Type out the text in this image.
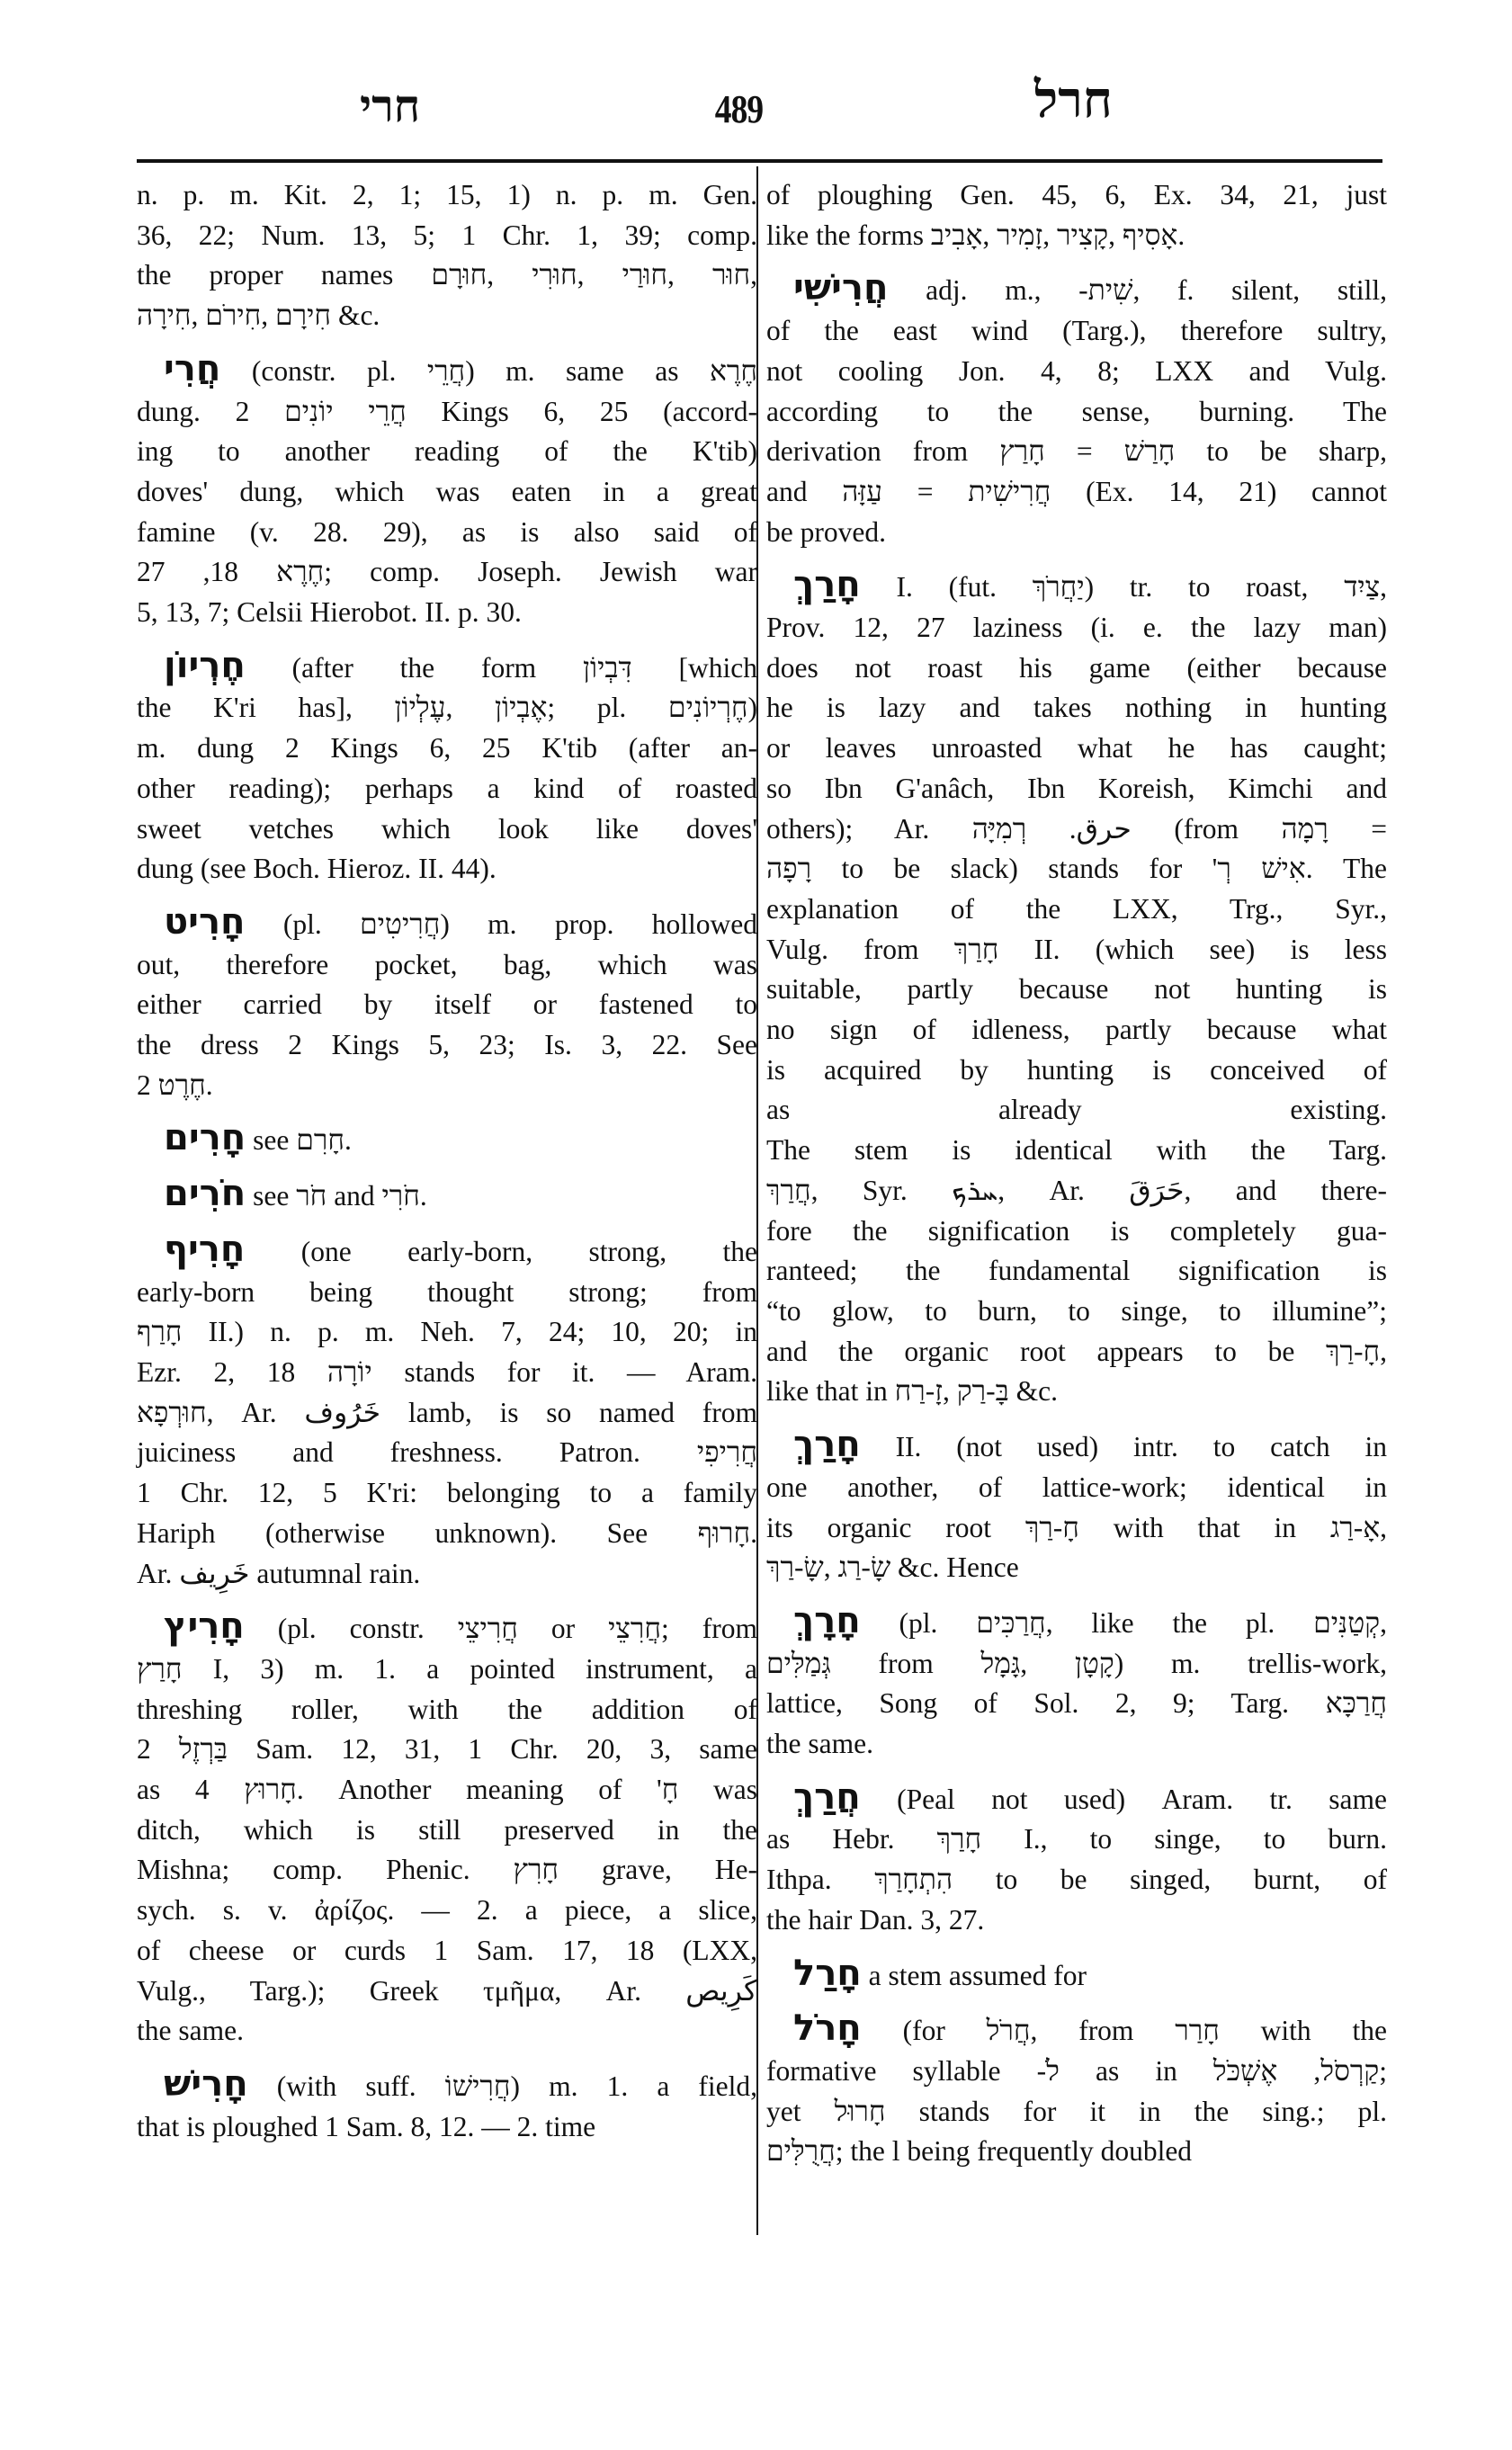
חרי	489	חרל
n. p. m. Kit. 2, 1; 15, 1) n. p. m. Gen.
36, 22; Num. 13, 5; 1 Chr. 1, 39; comp.
the proper names חוּר ,חוּרַי ,חוּרִי ,חוּרָם,
חִירָם ,חִירֹם ,חִירָה &c.
חֲרִי (constr. pl. חֲרֵי) m. same as חֶרֶא
dung. חֲרֵי יוֹנִים 2 Kings 6, 25 (accord-
ing to another reading of the K'tib)
doves' dung, which was eaten in a great
famine (v. 28. 29), as is also said of
חֶרֶא 18, 27; comp. Joseph. Jewish war
5, 13, 7; Celsii Hierobot. II. p. 30.
חֶרְיוֹן (after the form דִּבְיוֹן [which
the K'ri has], אֶבְיוֹן ,עֶלְיוֹן; pl. חֶרְיוֹנִים)
m. dung 2 Kings 6, 25 K'tib (after an-
other reading); perhaps a kind of roasted
sweet vetches which look like doves'
dung (see Boch. Hieroz. II. 44).
חָרִיט (pl. חֲרִיטִים) m. prop. hollowed
out, therefore pocket, bag, which was
either carried by itself or fastened to
the dress 2 Kings 5, 23; Is. 3, 22. See
חֶרֶט 2.
חָרִים see חָרִם.
חֹרִים see חֹר and חֹרִי.
חָרִיף (one early-born, strong, the
early-born being thought strong; from
חָרַף II.) n. p. m. Neh. 7, 24; 10, 20; in
Ezr. 2, 18 יוֹרָה stands for it. — Aram.
חוּרְפָא, Ar. خَرُوف lamb, is so named from
juiciness and freshness. Patron. חֲרִיפִי
1 Chr. 12, 5 K'ri: belonging to a family
Hariph (otherwise unknown). See חָרוּף.
Ar. خَرِيف autumnal rain.
חָרִיץ (pl. constr. חֲרִיצֵי or חֲרִצֵי; from
חָרַץ I, 3) m. 1. a pointed instrument, a
threshing roller, with the addition of
בַּרְזֶל 2 Sam. 12, 31, 1 Chr. 20, 3, same
as חָרוּץ 4. Another meaning of 'חָ was
ditch, which is still preserved in the
Mishna; comp. Phenic. חָרִץ grave, He-
sych. s. v. ἀρίζος. — 2. a piece, a slice,
of cheese or curds 1 Sam. 17, 18 (LXX,
Vulg., Targ.); Greek τμῆμα, Ar. كَرِيص
the same.
חָרִישׁ (with suff. חֲרִישׁוֹ) m. 1. a field,
that is ploughed 1 Sam. 8, 12. — 2. time
of ploughing Gen. 45, 6, Ex. 34, 21, just
like the forms אָסִיף ,קָצִיר ,זָמִיר ,אָבִיב.
חֲרִישִׁי adj. m., -שִׁית, f. silent, still,
of the east wind (Targ.), therefore sultry,
not cooling Jon. 4, 8; LXX and Vulg.
according to the sense, burning. The
derivation from חָרַשׁ = חָרַץ to be sharp,
and חֲרִישִׁית = עַזָּה (Ex. 14, 21) cannot
be proved.
חָרַךְ I. (fut. יַחֲרֹךְ) tr. to roast, צַיִד,
Prov. 12, 27 laziness (i. e. the lazy man)
does not roast his game (either because
he is lazy and takes nothing in hunting
or leaves unroasted what he has caught;
so Ibn G'anâch, Ibn Koreish, Kimchi and
others); Ar. حرق. רְמִיָּה (from רָמָה =
רָפָה to be slack) stands for 'אִישׁ רְ. The
explanation of the LXX, Trg., Syr.,
Vulg. from חָרַךְ II. (which see) is less
suitable, partly because not hunting is
no sign of idleness, partly because what
is acquired by hunting is conceived of
as already existing.
The stem is identical with the Targ.
חֲרַךְ, Syr. ܚܪܟ, Ar. حَرَقَ, and there-
fore the signification is completely gua-
ranteed; the fundamental signification is
“to glow, to burn, to singe, to illumine”;
and the organic root appears to be חָ-רַךְ,
like that in בָּ-רַק ,זָ-רַח &c.
חָרַךְ II. (not used) intr. to catch in
one another, of lattice-work; identical in
its organic root חָ-רַךְ with that in אָ-רַג,
שָׂ-רַג ,שָׂ-רַךְ &c. Hence
חָרָךְ (pl. חֲרַכִּים, like the pl. קְטַנִּים,
גְּמַלִּים from קָטָן ,גָּמָל) m. trellis-work,
lattice, Song of Sol. 2, 9; Targ. חֲרַכָּא
the same.
חֲרַךְ (Peal not used) Aram. tr. same
as Hebr. חָרַךְ I., to singe, to burn.
Ithpa. הִתְחָרַךְ to be singed, burnt, of
the hair Dan. 3, 27.
חָרַל a stem assumed for
חָרֹל (for חֲרֹל, from חָרַר with the
formative syllable -ֹל as in קַרְסֹל, אֶשְׁכֹּל;
yet חָרוּל stands for it in the sing.; pl.
חֲרֻלִּים; the l being frequently doubled
